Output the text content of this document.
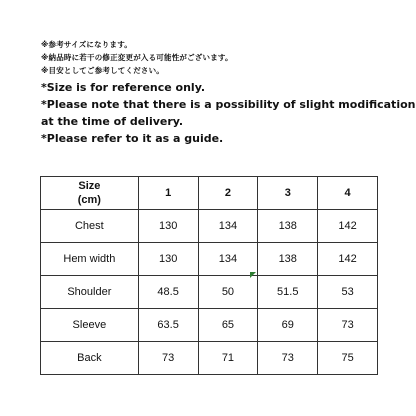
※参考サイズになります。
※納品時に若干の修正変更が入る可能性がございます。
※目安としてご参考してください。
*Size is for reference only.
*Please note that there is a possibility of slight modification
at the time of delivery.
*Please refer to it as a guide.
Size
(cm)	1	2	3	4
Chest	130	134	138	142
Hem width	130	134	138	142
Shoulder	48.5	50	51.5	53
Sleeve	63.5	65	69	73
Back	73	71	73	75
